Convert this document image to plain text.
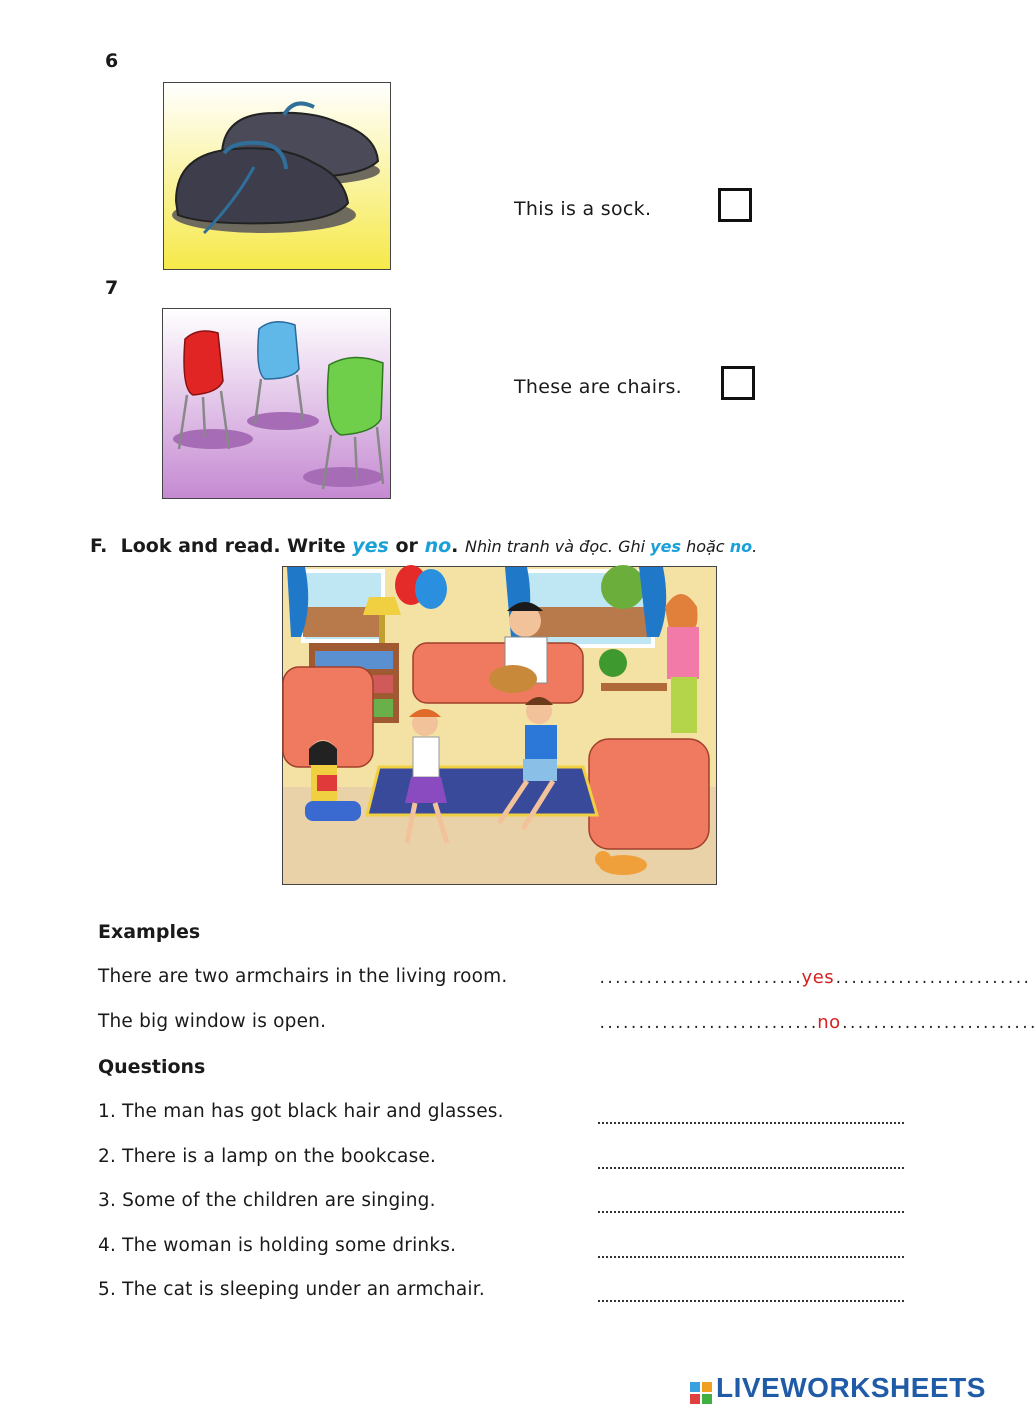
6
This is a sock.
7
These are chairs.
F. Look and read. Write yes or no. Nhìn tranh và đọc. Ghi yes hoặc no.
Examples
There are two armchairs in the living room.	..........................yes.........................
The big window is open.	............................no.........................
Questions
1. The man has got black hair and glasses.
2. There is a lamp on the bookcase.
3. Some of the children are singing.
4. The woman is holding some drinks.
5. The cat is sleeping under an armchair.
LIVEWORKSHEETS
